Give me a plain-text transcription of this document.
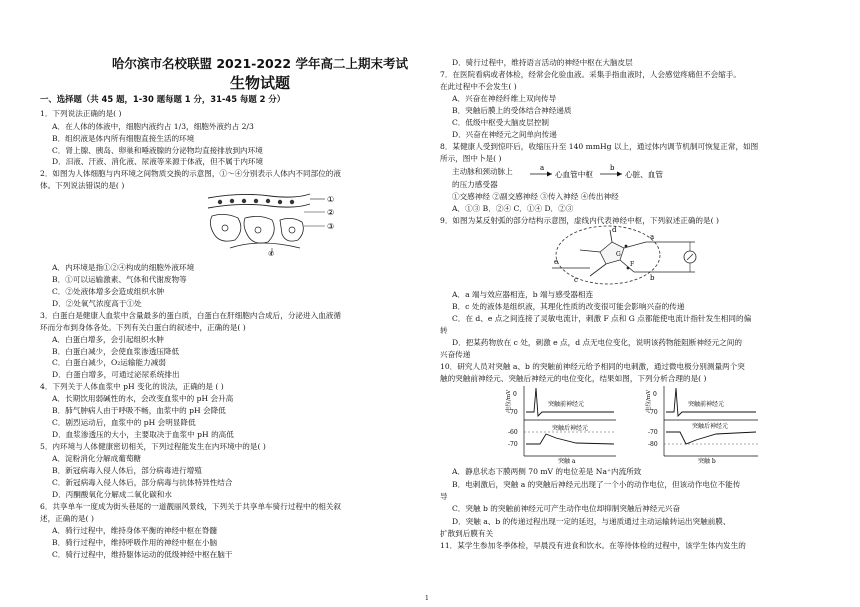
哈尔滨市名校联盟 2021-2022 学年高二上期末考试
生物试题
一、选择题（共 45 题，1-30 题每题 1 分，31-45 每题 2 分）
1．下列说法正确的是( )
A．在人体的体液中，细胞内液约占 1/3，细胞外液约占 2/3
B．组织液是体内所有细胞直接生活的环境
C．肾上腺、胰岛、卵巢和唾液腺的分泌物均直接排放到内环境
D．汨液、汗液、消化液、尿液等来源于体液，但不属于内环境
2．如图为人体细胞与内环境之间物质交换的示意图，①～④分别表示人体内不同部位的液
体。下列说法错误的是( )
①
②
③
④
A．内环境是指①②④构成的细胞外液环境
B．①可以运输激素、气体和代谢废物等
C．②处液体增多会造成组织水肿
D．②处氧气浓度高于①处
3．白蛋白是健康人血浆中含量最多的蛋白质，白蛋白在肝细胞内合成后，分泌进入血液循
环而分布到身体各处。下列有关白蛋白的叙述中，正确的是( )
A．白蛋白增多，会引起组织水肿
B．白蛋白减少，会使血浆渗透压降低
C．白蛋白减少，O₂运输能力减弱
D．白蛋白增多，可通过泌尿系统排出
4．下列关于人体血浆中 pH 变化的说法，正确的是 ( )
A．长期饮用弱碱性的水，会改变血浆中的 pH 会升高
B．肺气肿病人由于呼吸不畅，血浆中的 pH 会降低
C．剧烈运动后，血浆中的 pH 会明显降低
D．血浆渗透压的大小，主要取决于血浆中 pH 的高低
5．内环境与人体健康密切相关，下列过程能发生在内环境中的是( )
A．淀粉消化分解成葡萄糖
B．新冠病毒入侵人体后，部分病毒进行增殖
C．新冠病毒入侵人体后，部分病毒与抗体特异性结合
D．丙酮酸氧化分解成二氧化碳和水
6．共享单车一度成为街头巷尾的一道靓丽风景线，下列关于共享单车骑行过程中的相关叙
述，正确的是( )
A．骑行过程中，维持身体平衡的神经中枢在脊髓
B．骑行过程中，维持呼吸作用的神经中枢在小脑
C．骑行过程中，维持躯体运动的低级神经中枢在脑干
D．骑行过程中，维持语言活动的神经中枢在大脑皮层
7．在医院看病或者体检，经常会化验血液。采集手指血液时，人会感觉疼痛但不会缩手。
在此过程中不会发生( )
A．兴奋在神经纤维上双向传导
B．突触后膜上的受体结合神经递质
C．低级中枢受大脑皮层控制
D．兴奋在神经元之间单向传递
8．某健康人受到惊吓后，收缩压升至 140 mmHg 以上，通过体内调节机制可恢复正常，如图
所示，图中卜是( )
主动脉和颈动脉上
的压力感受器
a
心血管中枢
b
心脏、血管
①交感神经 ②副交感神经 ③传入神经 ④传出神经
A．①③ B．②④ C．①④ D．②③
9．如图为某反射弧的部分结构示意图，虚线内代表神经中枢，下列叙述正确的是( )
d
a
b
c
e
G
F
A．a 端与效应器相连，b 端与感受器相连
B．c 处的液体是组织液，其理化性质的改变很可能会影响兴奋的传递
C．在 d、e 点之间连接了灵敏电流计，刺激 F 点和 G 点都能使电流计指针发生相同的偏
转
D．把某药物放在 c 处，刺激 e 点，d 点无电位变化，说明该药物能阻断神经元之间的
兴奋传递
10．研究人员对突触 a、b 的突触前神经元给予相同的电刺激，通过微电极分别测量两个突
触的突触前神经元、突触后神经元的电位变化，结果如图，下列分析合理的是( )
电位/mV 0
-70
突触前神经元
-60
-70
突触后神经元
突触 a
电位/mV 0
-70
突触前神经元
-70
-80
突触后神经元
突触 b
A．静息状态下膜两侧 70 mV 的电位差是 Na⁺内流所致
B．电刺激后，突触 a 的突触后神经元出现了一个小的动作电位，但该动作电位不能传
导
C．突触 b 的突触前神经元可产生动作电位却抑制突触后神经元兴奋
D．突触 a、b 的传递过程出现一定的延迟，与递质通过主动运输转运出突触前膜、
扩散到后膜有关
11．某学生参加冬季体检，早晨没有进食和饮水。在等待体检的过程中，该学生体内发生的
1
